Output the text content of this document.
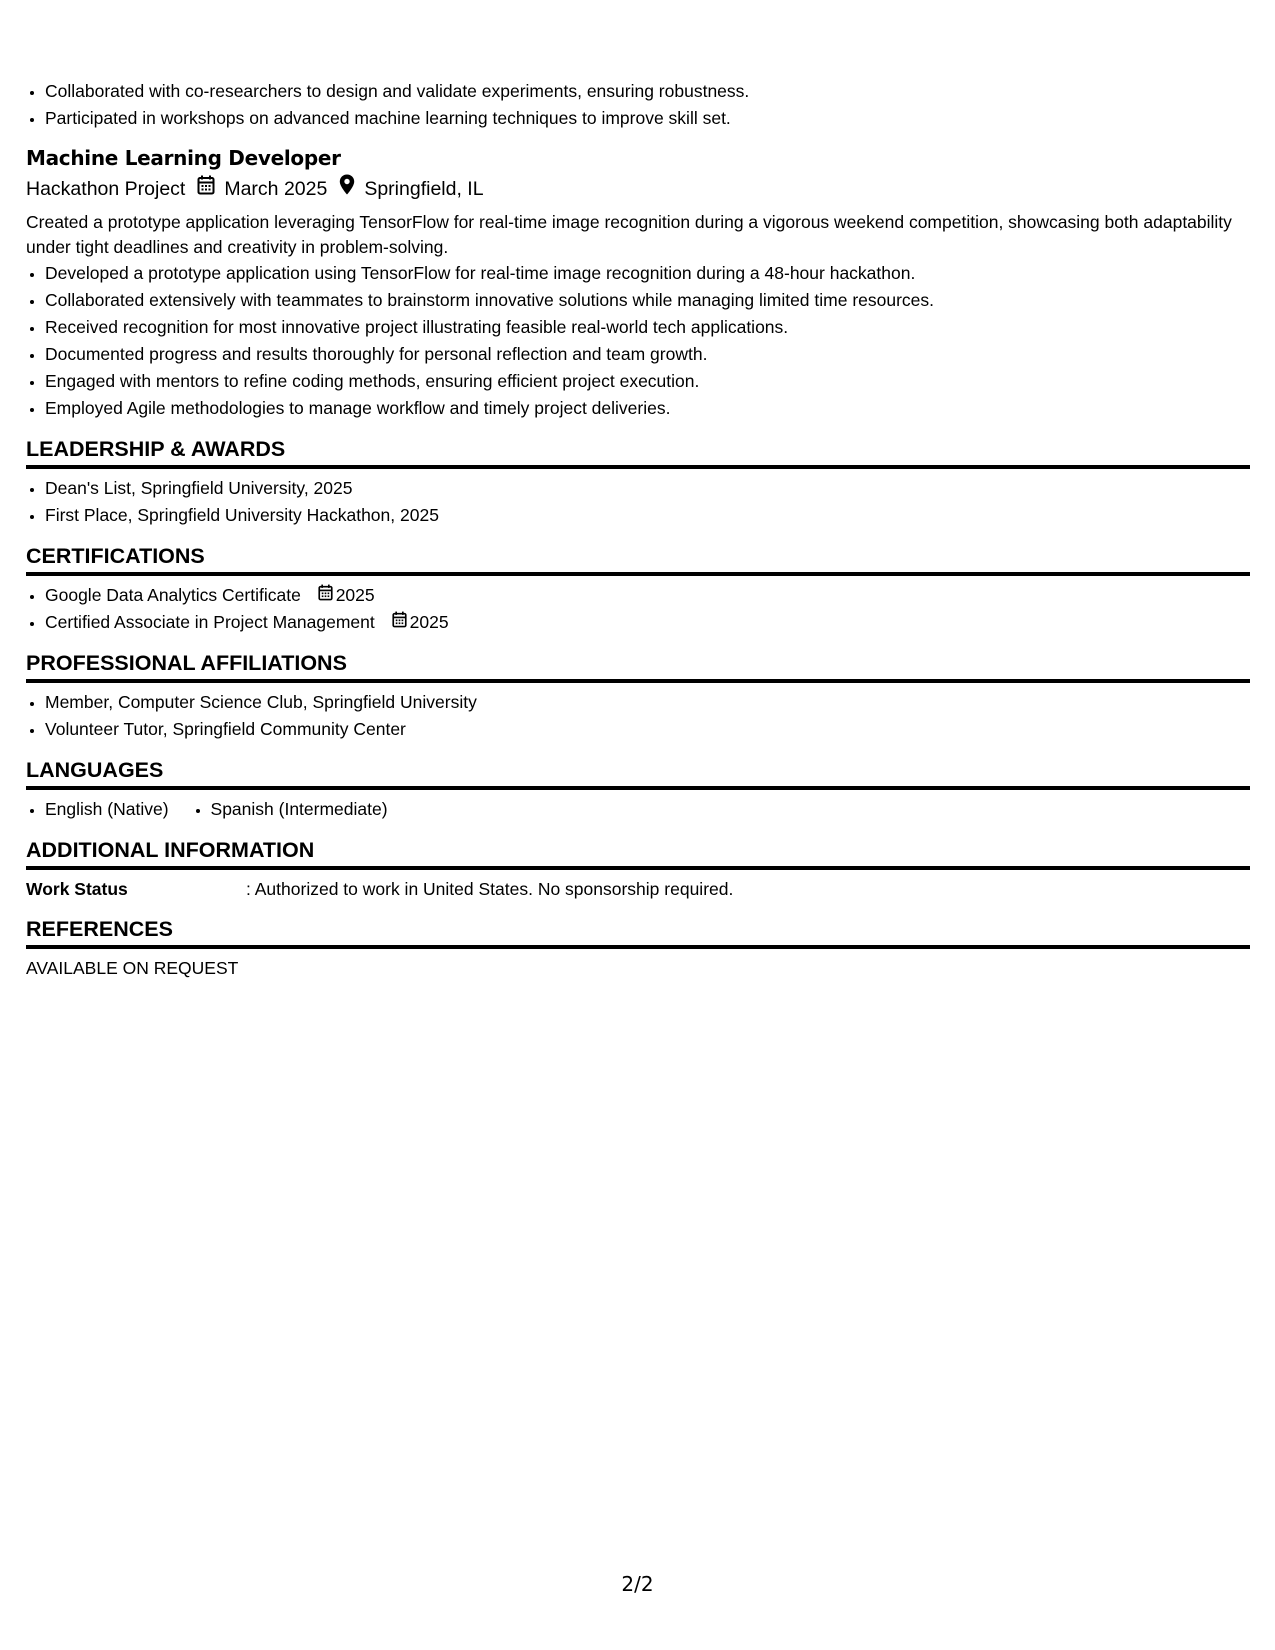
• Collaborated with co-researchers to design and validate experiments, ensuring robustness.
• Participated in workshops on advanced machine learning techniques to improve skill set.
Machine Learning Developer
Hackathon Project March 2025 Springfield, IL
Created a prototype application leveraging TensorFlow for real-time image recognition during a vigorous weekend competition, showcasing both adaptability under tight deadlines and creativity in problem-solving.
• Developed a prototype application using TensorFlow for real-time image recognition during a 48-hour hackathon.
• Collaborated extensively with teammates to brainstorm innovative solutions while managing limited time resources.
• Received recognition for most innovative project illustrating feasible real-world tech applications.
• Documented progress and results thoroughly for personal reflection and team growth.
• Engaged with mentors to refine coding methods, ensuring efficient project execution.
• Employed Agile methodologies to manage workflow and timely project deliveries.
LEADERSHIP & AWARDS
• Dean's List, Springfield University, 2025
• First Place, Springfield University Hackathon, 2025
CERTIFICATIONS
• Google Data Analytics Certificate 2025
• Certified Associate in Project Management 2025
PROFESSIONAL AFFILIATIONS
• Member, Computer Science Club, Springfield University
• Volunteer Tutor, Springfield Community Center
LANGUAGES
• English (Native)
• Spanish (Intermediate)
ADDITIONAL INFORMATION
Work Status	: Authorized to work in United States. No sponsorship required.
REFERENCES
AVAILABLE ON REQUEST
2/2
